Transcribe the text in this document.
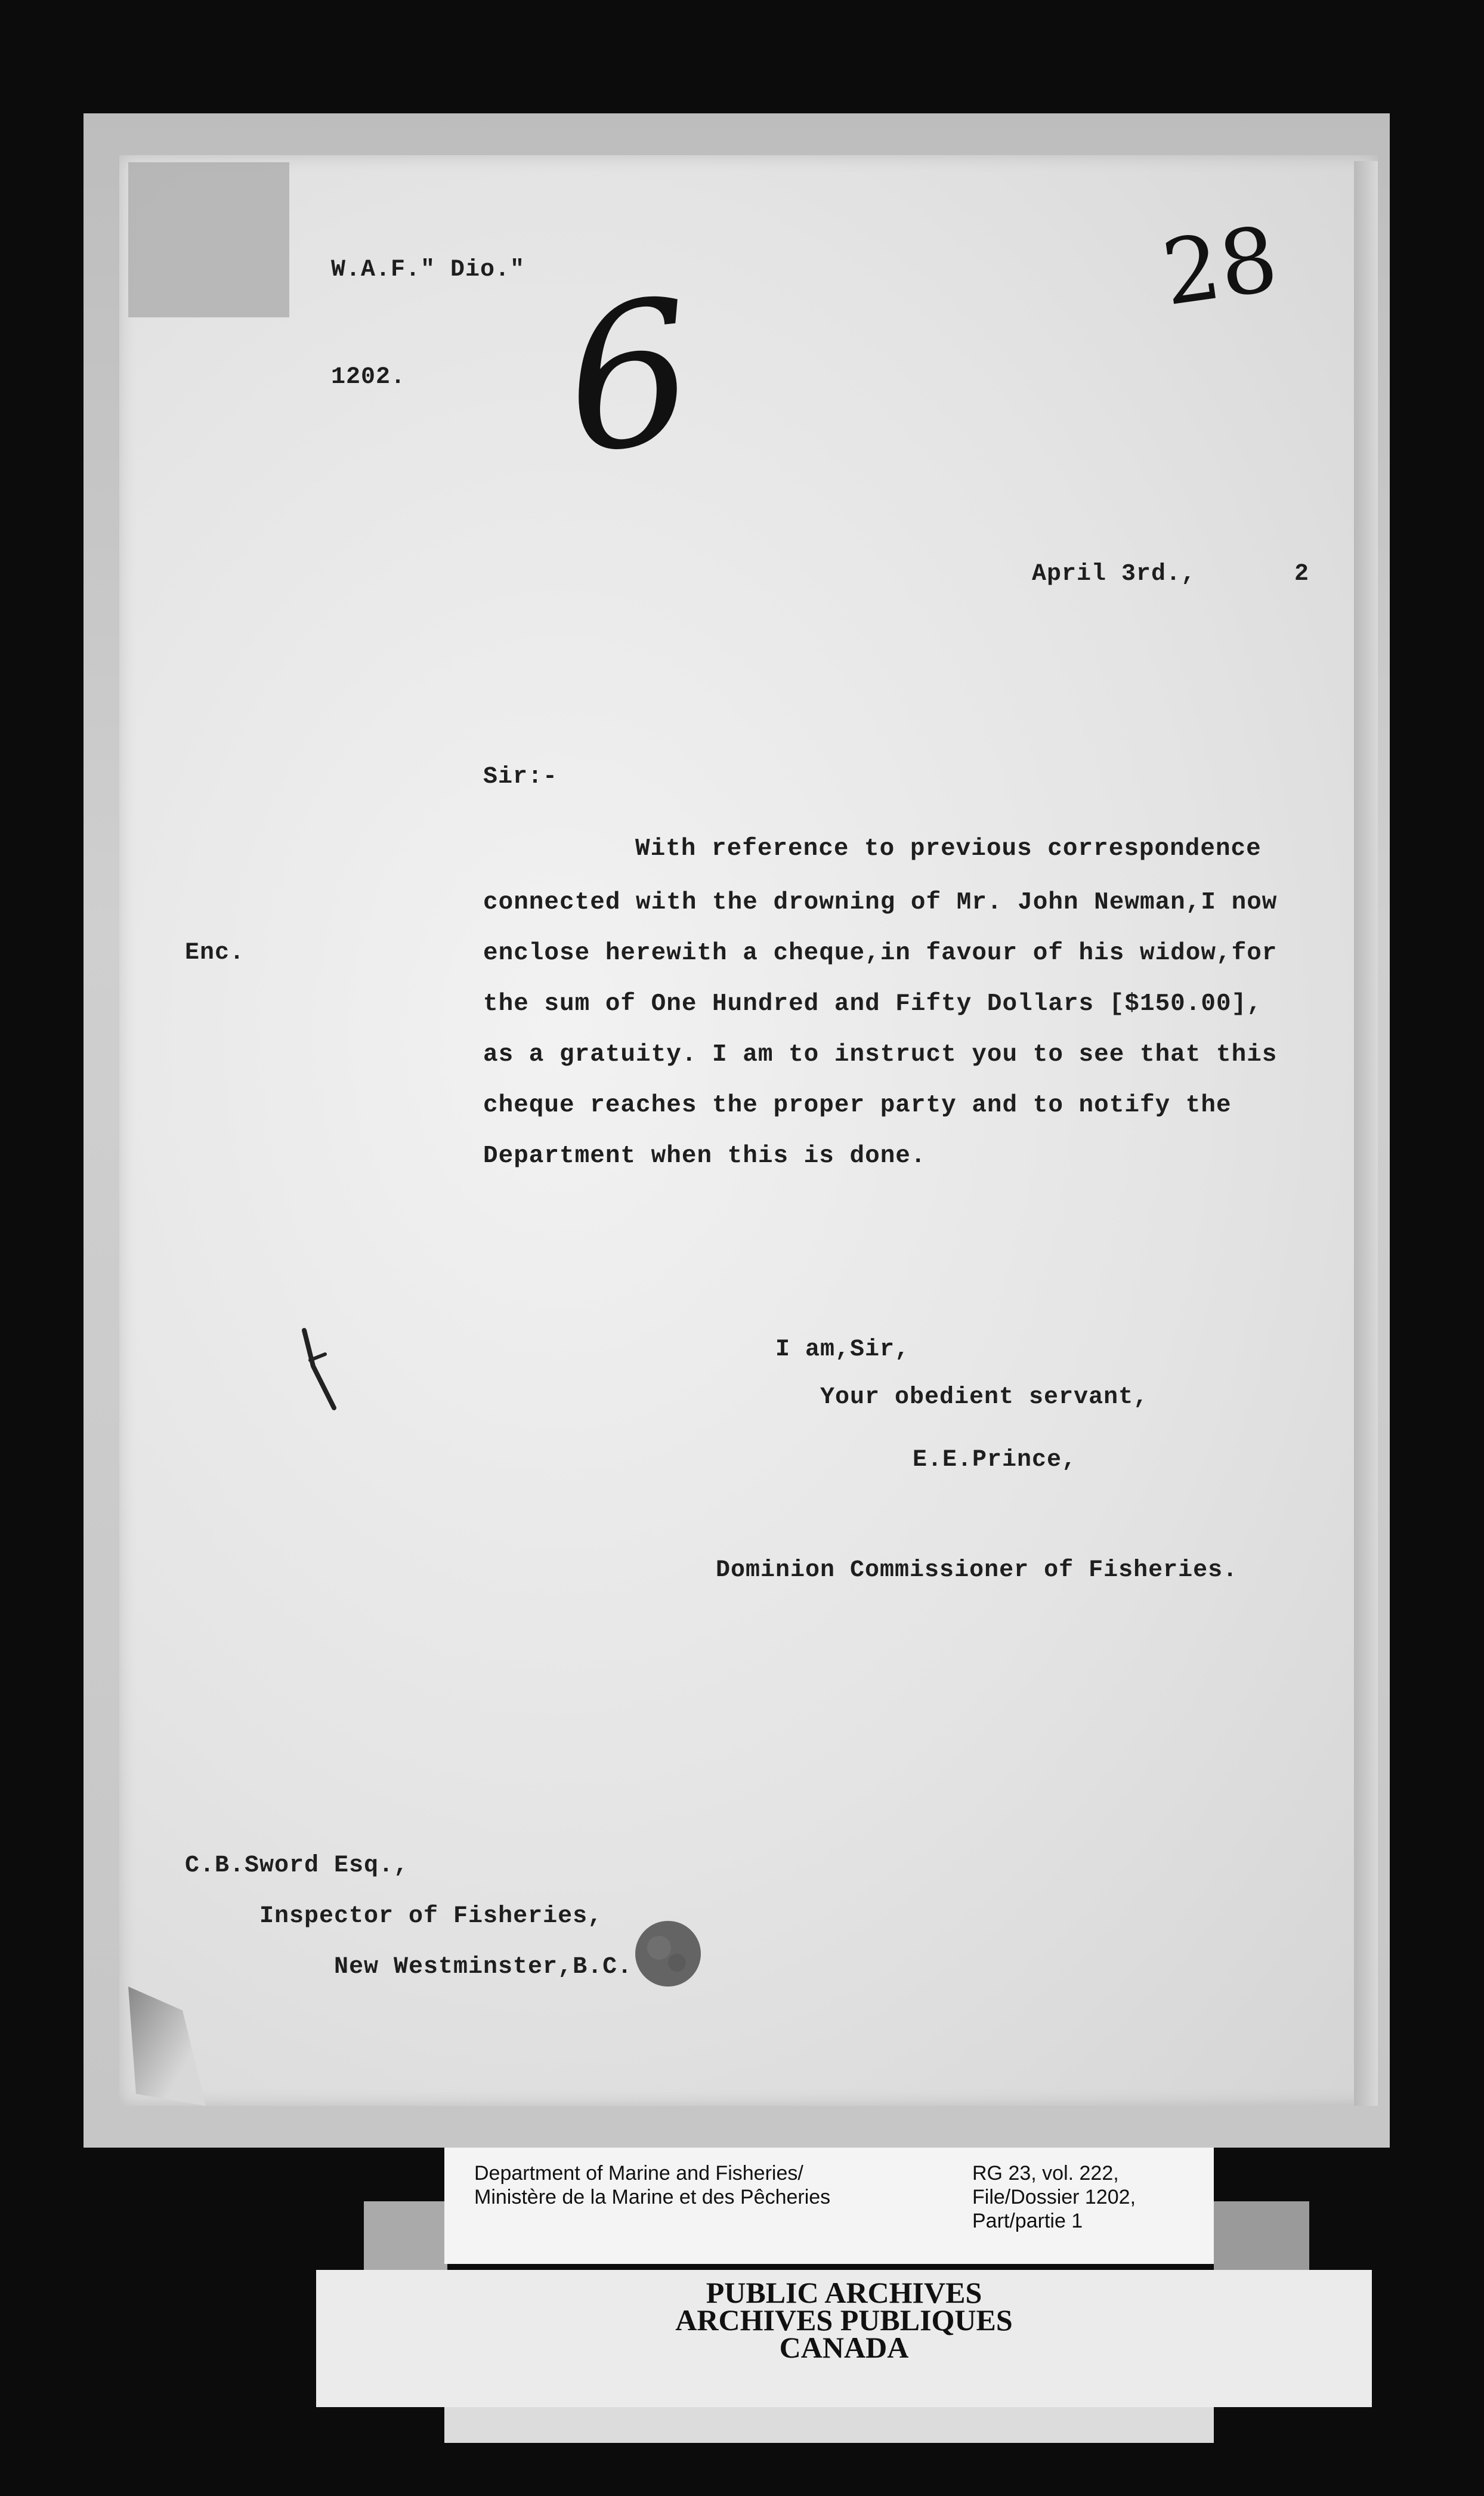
W.A.F." Dio."
1202.
28
6
April 3rd.,	2
Sir:-
Enc.
With reference to previous correspondence
connected with the drowning of Mr. John Newman,I now
enclose herewith a cheque,in favour of his widow,for
the sum of One Hundred and Fifty Dollars [$150.00],
as a gratuity. I am to instruct you to see that this
cheque reaches the proper party and to notify the
Department when this is done.
I am,Sir,
Your obedient servant,
E.E.Prince,
Dominion Commissioner of Fisheries.
C.B.Sword Esq.,
Inspector of Fisheries,
New Westminster,B.C.
Department of Marine and Fisheries/
Ministère de la Marine et des Pêcheries
RG 23, vol. 222,
File/Dossier 1202,
Part/partie 1
PUBLIC ARCHIVES
ARCHIVES PUBLIQUES
CANADA
